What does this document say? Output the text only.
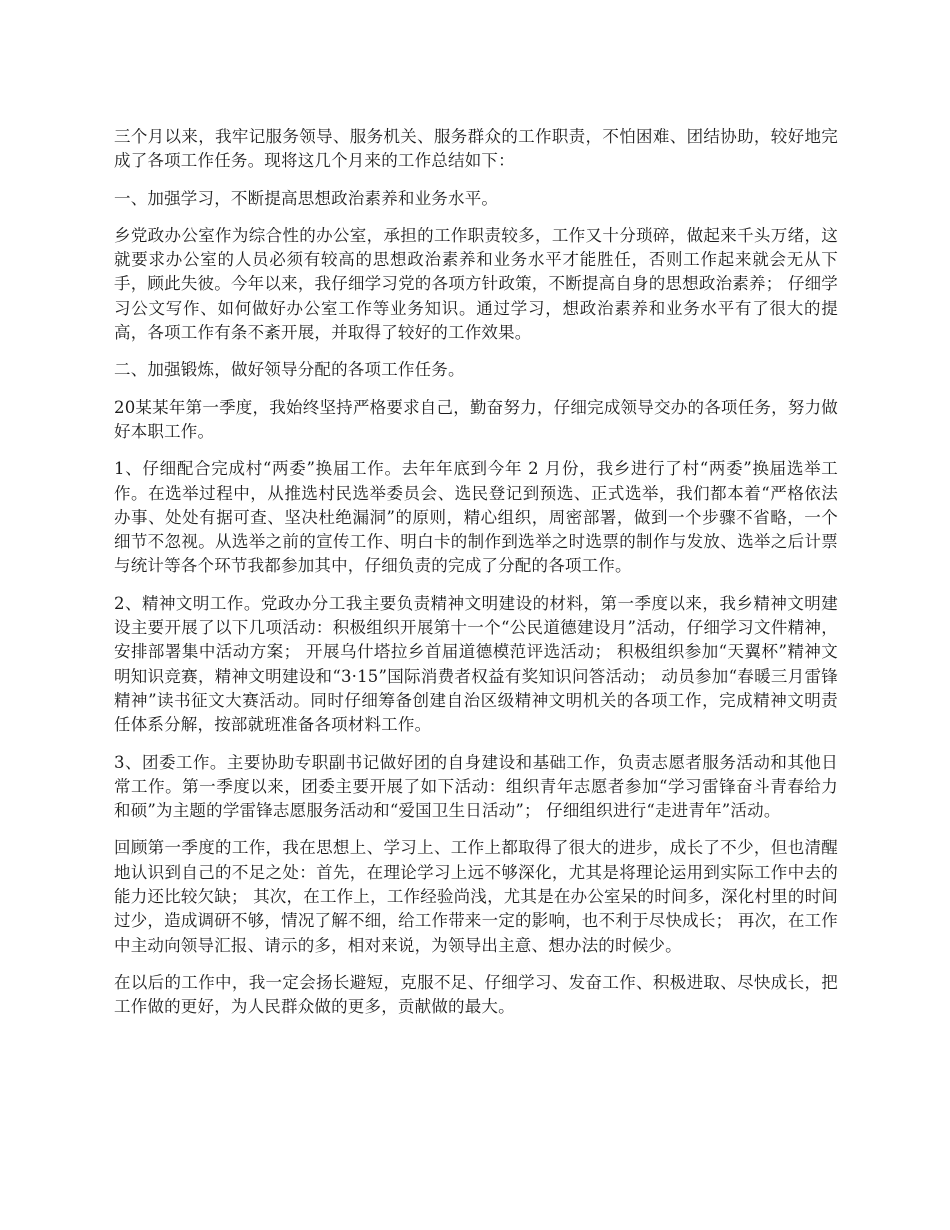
三个月以来，我牢记服务领导、服务机关、服务群众的工作职责，不怕困难、团结协助，较好地完成了各项工作任务。现将这几个月来的工作总结如下：

一、加强学习，不断提高思想政治素养和业务水平。

乡党政办公室作为综合性的办公室，承担的工作职责较多，工作又十分琐碎，做起来千头万绪，这就要求办公室的人员必须有较高的思想政治素养和业务水平才能胜任，否则工作起来就会无从下手，顾此失彼。今年以来，我仔细学习党的各项方针政策，不断提高自身的思想政治素养； 仔细学习公文写作、如何做好办公室工作等业务知识。通过学习，想政治素养和业务水平有了很大的提高，各项工作有条不紊开展，并取得了较好的工作效果。

二、加强锻炼，做好领导分配的各项工作任务。

20某某年第一季度，我始终坚持严格要求自己，勤奋努力，仔细完成领导交办的各项任务，努力做好本职工作。

1、仔细配合完成村“两委”换届工作。去年年底到今年 2 月份，我乡进行了村“两委”换届选举工作。在选举过程中，从推选村民选举委员会、选民登记到预选、正式选举，我们都本着“严格依法办事、处处有据可查、坚决杜绝漏洞”的原则，精心组织，周密部署，做到一个步骤不省略，一个细节不忽视。从选举之前的宣传工作、明白卡的制作到选举之时选票的制作与发放、选举之后计票与统计等各个环节我都参加其中，仔细负责的完成了分配的各项工作。

2、精神文明工作。党政办分工我主要负责精神文明建设的材料，第一季度以来，我乡精神文明建设主要开展了以下几项活动：积极组织开展第十一个“公民道德建设月”活动，仔细学习文件精神，安排部署集中活动方案； 开展乌什塔拉乡首届道德模范评选活动； 积极组织参加“天翼杯”精神文明知识竞赛，精神文明建设和“3·15”国际消费者权益有奖知识问答活动； 动员参加“春暖三月雷锋精神”读书征文大赛活动。同时仔细筹备创建自治区级精神文明机关的各项工作，完成精神文明责任体系分解，按部就班准备各项材料工作。

3、团委工作。主要协助专职副书记做好团的自身建设和基础工作，负责志愿者服务活动和其他日常工作。第一季度以来，团委主要开展了如下活动：组织青年志愿者参加“学习雷锋奋斗青春给力和硕”为主题的学雷锋志愿服务活动和“爱国卫生日活动”； 仔细组织进行“走进青年”活动。

回顾第一季度的工作，我在思想上、学习上、工作上都取得了很大的进步，成长了不少，但也清醒地认识到自己的不足之处：首先，在理论学习上远不够深化，尤其是将理论运用到实际工作中去的能力还比较欠缺； 其次，在工作上，工作经验尚浅，尤其是在办公室呆的时间多，深化村里的时间过少，造成调研不够，情况了解不细，给工作带来一定的影响，也不利于尽快成长； 再次，在工作中主动向领导汇报、请示的多，相对来说，为领导出主意、想办法的时候少。

在以后的工作中，我一定会扬长避短，克服不足、仔细学习、发奋工作、积极进取、尽快成长，把工作做的更好，为人民群众做的更多，贡献做的最大。
